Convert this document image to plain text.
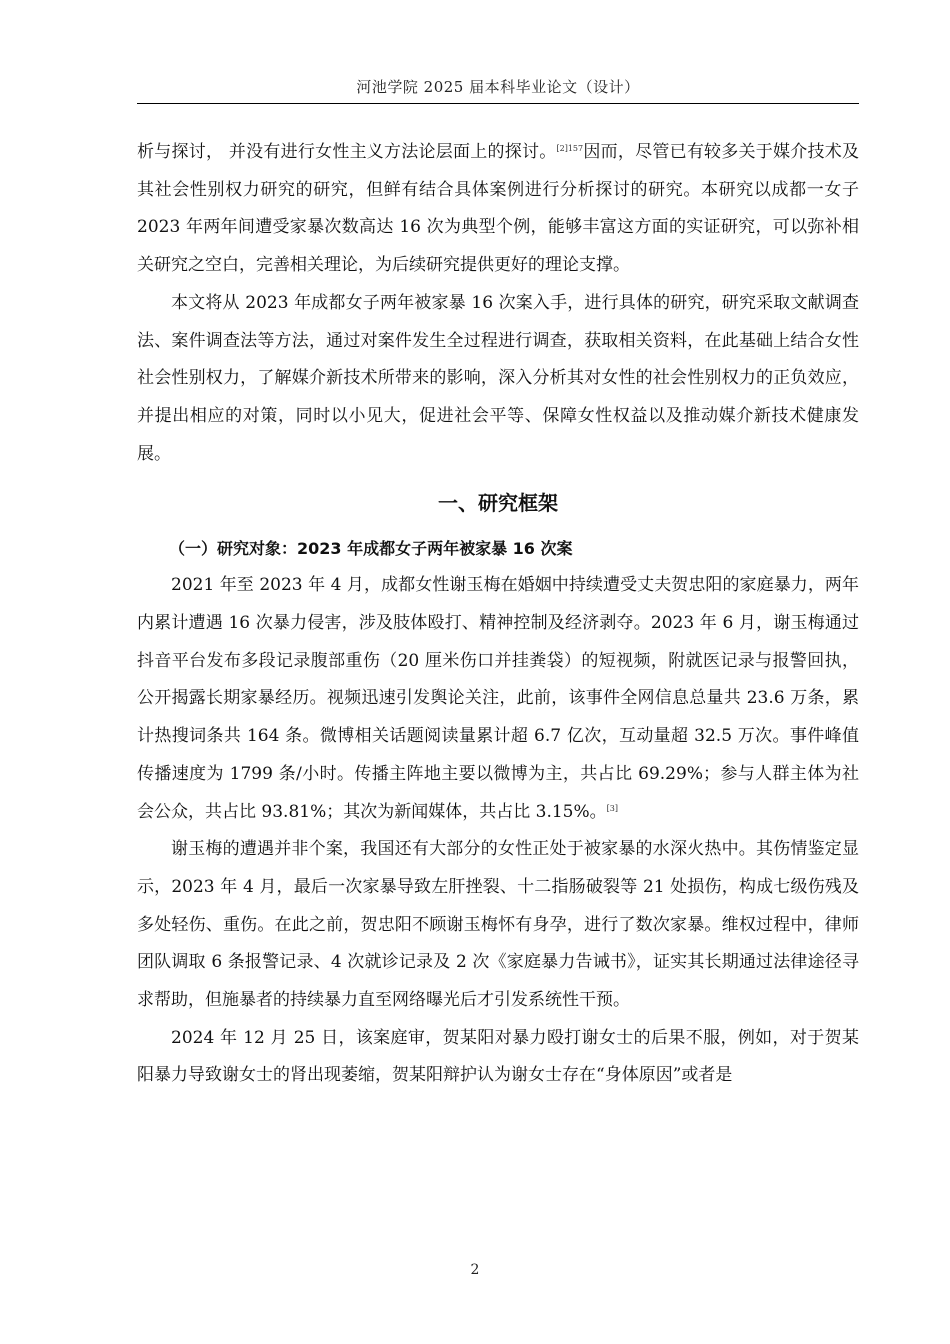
河池学院 2025 届本科毕业论文（设计）

析与探讨， 并没有进行女性主义方法论层面上的探讨。$^{[2]157}$因而，尽管已有较多关于媒介技术及其社会性别权力研究的研究，但鲜有结合具体案例进行分析探讨的研究。本研究以成都一女子 2023 年两年间遭受家暴次数高达 16 次为典型个例，能够丰富这方面的实证研究，可以弥补相关研究之空白，完善相关理论，为后续研究提供更好的理论支撑。

本文将从 2023 年成都女子两年被家暴 16 次案入手，进行具体的研究，研究采取文献调查法、案件调查法等方法，通过对案件发生全过程进行调查，获取相关资料，在此基础上结合女性社会性别权力，了解媒介新技术所带来的影响，深入分析其对女性的社会性别权力的正负效应，并提出相应的对策，同时以小见大，促进社会平等、保障女性权益以及推动媒介新技术健康发展。

一、研究框架

（一）研究对象：2023 年成都女子两年被家暴 16 次案

2021 年至 2023 年 4 月，成都女性谢玉梅在婚姻中持续遭受丈夫贺忠阳的家庭暴力，两年内累计遭遇 16 次暴力侵害，涉及肢体殴打、精神控制及经济剥夺。2023 年 6 月，谢玉梅通过抖音平台发布多段记录腹部重伤（20 厘米伤口并挂粪袋）的短视频，附就医记录与报警回执，公开揭露长期家暴经历。视频迅速引发舆论关注，此前，该事件全网信息总量共 23.6 万条，累计热搜词条共 164 条。微博相关话题阅读量累计超 6.7 亿次，互动量超 32.5 万次。事件峰值传播速度为 1799 条/小时。传播主阵地主要以微博为主，共占比 69.29%；参与人群主体为社会公众，共占比 93.81%；其次为新闻媒体，共占比 3.15%。[3]

谢玉梅的遭遇并非个案，我国还有大部分的女性正处于被家暴的水深火热中。其伤情鉴定显示，2023 年 4 月，最后一次家暴导致左肝挫裂、十二指肠破裂等 21 处损伤，构成七级伤残及多处轻伤、重伤。在此之前，贺忠阳不顾谢玉梅怀有身孕，进行了数次家暴。维权过程中，律师团队调取 6 条报警记录、4 次就诊记录及 2 次《家庭暴力告诫书》，证实其长期通过法律途径寻求帮助，但施暴者的持续暴力直至网络曝光后才引发系统性干预。

2024 年 12 月 25 日，该案庭审，贺某阳对暴力殴打谢女士的后果不服，例如，对于贺某阳暴力导致谢女士的肾出现萎缩，贺某阳辩护认为谢女士存在“身体原因”或者是

2
